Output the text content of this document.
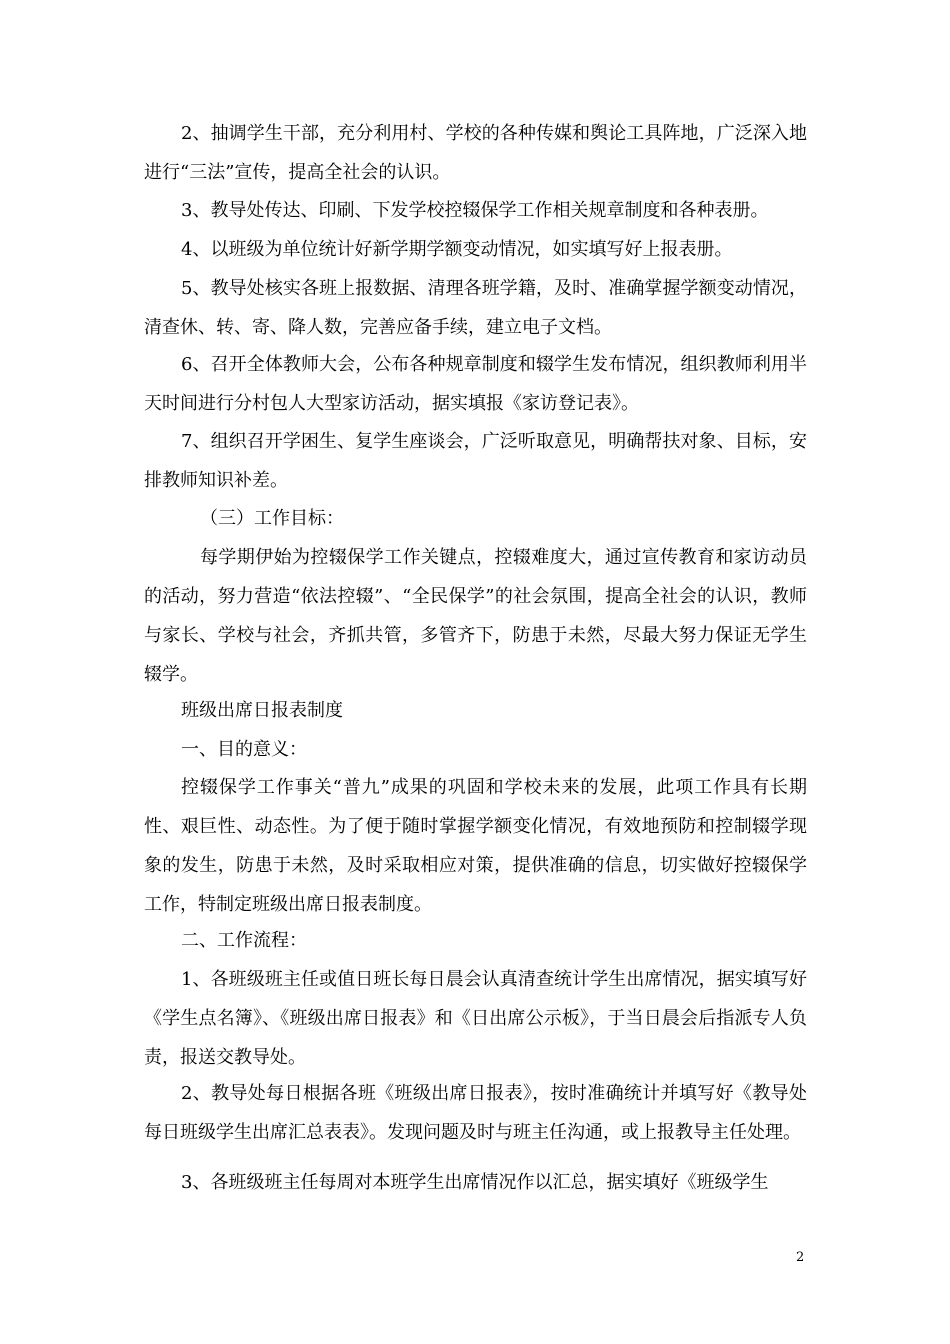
2、抽调学生干部，充分利用村、学校的各种传媒和舆论工具阵地，广泛深入地进行“三法”宣传，提高全社会的认识。

3、教导处传达、印刷、下发学校控辍保学工作相关规章制度和各种表册。

4、以班级为单位统计好新学期学额变动情况，如实填写好上报表册。

5、教导处核实各班上报数据、清理各班学籍，及时、准确掌握学额变动情况，清查休、转、寄、降人数，完善应备手续，建立电子文档。

6、召开全体教师大会，公布各种规章制度和辍学生发布情况，组织教师利用半天时间进行分村包人大型家访活动，据实填报《家访登记表》。

7、组织召开学困生、复学生座谈会，广泛听取意见，明确帮扶对象、目标，安排教师知识补差。

（三）工作目标：

每学期伊始为控辍保学工作关键点，控辍难度大，通过宣传教育和家访动员的活动，努力营造“依法控辍”、“全民保学”的社会氛围，提高全社会的认识，教师与家长、学校与社会，齐抓共管，多管齐下，防患于未然，尽最大努力保证无学生辍学。

班级出席日报表制度

一、目的意义：

控辍保学工作事关“普九”成果的巩固和学校未来的发展，此项工作具有长期性、艰巨性、动态性。为了便于随时掌握学额变化情况，有效地预防和控制辍学现象的发生，防患于未然，及时采取相应对策，提供准确的信息，切实做好控辍保学工作，特制定班级出席日报表制度。

二、工作流程：

1、各班级班主任或值日班长每日晨会认真清查统计学生出席情况，据实填写好《学生点名簿》、《班级出席日报表》和《日出席公示板》，于当日晨会后指派专人负责，报送交教导处。

2、教导处每日根据各班《班级出席日报表》，按时准确统计并填写好《教导处每日班级学生出席汇总表表》。发现问题及时与班主任沟通，或上报教导主任处理。

3、各班级班主任每周对本班学生出席情况作以汇总，据实填好《班级学生

2
